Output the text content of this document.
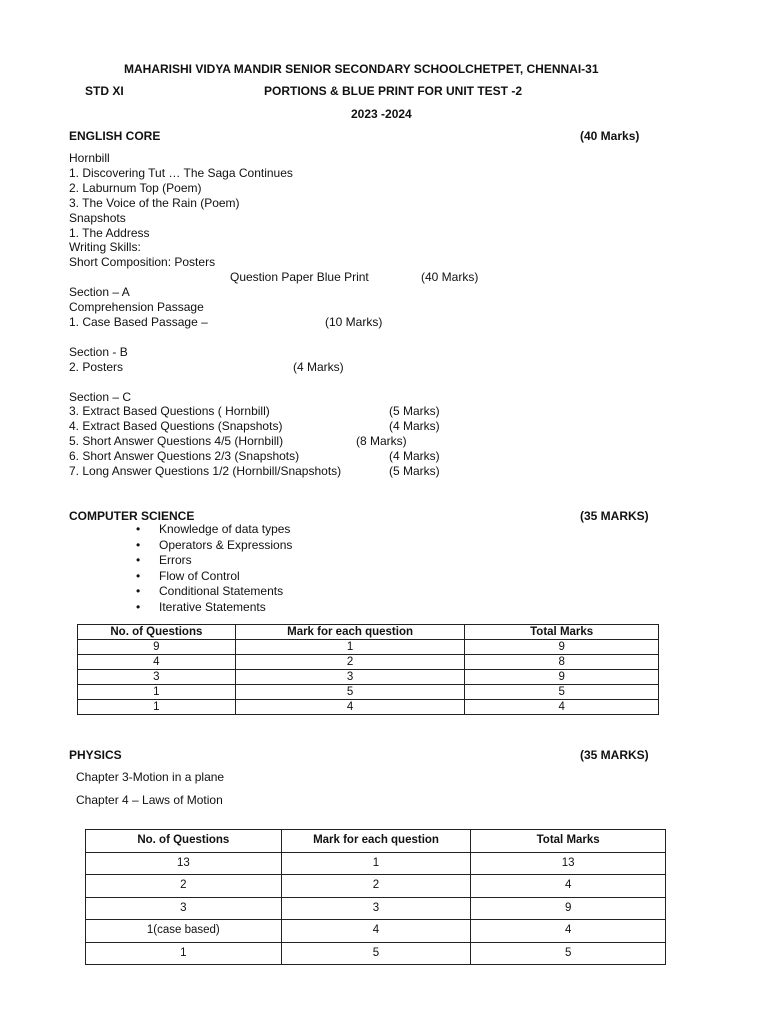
MAHARISHI VIDYA MANDIR SENIOR SECONDARY SCHOOLCHETPET, CHENNAI-31
STD XI	PORTIONS & BLUE PRINT FOR UNIT TEST -2
2023 -2024
ENGLISH CORE	(40 Marks)
Hornbill
1. Discovering Tut … The Saga Continues
2. Laburnum Top (Poem)
3. The Voice of the Rain (Poem)
Snapshots
1. The Address
Writing Skills:
Short Composition: Posters
Question Paper Blue Print	(40 Marks)
Section – A
Comprehension Passage
1. Case Based Passage –	(10 Marks)
Section - B
2. Posters	(4 Marks)
Section – C
3. Extract Based Questions ( Hornbill)	(5 Marks)
4. Extract Based Questions (Snapshots)	(4 Marks)
5. Short Answer Questions 4/5 (Hornbill)	(8 Marks)
6. Short Answer Questions 2/3 (Snapshots)	(4 Marks)
7. Long Answer Questions 1/2 (Hornbill/Snapshots)	(5 Marks)
COMPUTER SCIENCE	(35 MARKS)
• Knowledge of data types
• Operators & Expressions
• Errors
• Flow of Control
• Conditional Statements
• Iterative Statements
No. of Questions	Mark for each question	Total Marks
9	1	9
4	2	8
3	3	9
1	5	5
1	4	4
PHYSICS	(35 MARKS)
Chapter 3-Motion in a plane
Chapter 4 – Laws of Motion
No. of Questions	Mark for each question	Total Marks
13	1	13
2	2	4
3	3	9
1(case based)	4	4
1	5	5
